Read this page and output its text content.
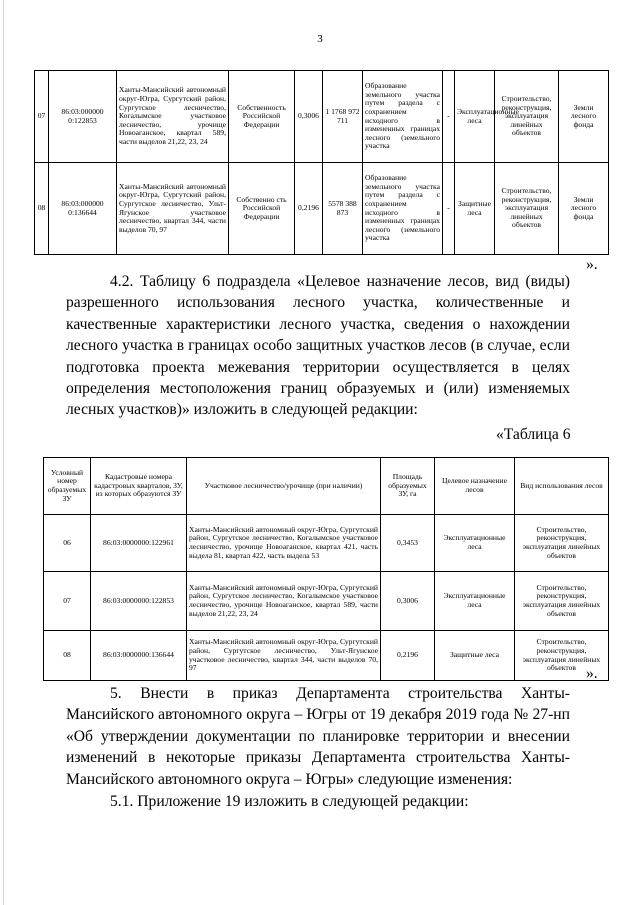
3
07	86:03:000000 0:122853	Ханты-Мансийский автономный округ-Югра, Сургутский район, Сургутское лесничество, Когалымское участковое лесничество, урочище Новоаганское, квартал 589, части выделов 21,22, 23, 24	Собственность Российской Федерации	0,3006	1 1768 972 711	Образование земельного участка путем раздела с сохранением исходного в измененных границах лесного (земельного участка	-	Эксплуатационные леса	Строительство, реконструкция, эксплуатация линейных объектов	Земли лесного фонда
08	86:03:000000 0:136644	Ханты-Мансийский автономный округ-Югра, Сургутский район, Сургутское лесничество, Ульт-Ягунское участковое лесничество, квартал 344, части выделов 70, 97	Собственно сть Российской Федерации	0,2196	5578 388 873	Образование земельного участка путем раздела с сохранением исходного в измененных границах лесного (земельного участка	-	Защитные леса	Строительство, реконструкция, эксплуатация линейных объектов	Земли лесного фонда
».

4.2. Таблицу 6 подраздела «Целевое назначение лесов, вид (виды) разрешенного использования лесного участка, количественные и качественные характеристики лесного участка, сведения о нахождении лесного участка в границах особо защитных участков лесов (в случае, если подготовка проекта межевания территории осуществляется в целях определения местоположения границ образуемых и (или) изменяемых лесных участков)» изложить в следующей редакции:

«Таблица 6
Условный номер образуемых ЗУ	Кадастровые номера кадастровых кварталов, ЗУ, из которых образуются ЗУ	Участковое лесничество/урочище (при наличии)	Площадь образуемых ЗУ, га	Целевое назначение лесов	Вид использования лесов
06	86:03:0000000:122961	Ханты-Мансийский автономный округ-Югра, Сургутский район, Сургутское лесничество, Когалымское участковое лесничество, урочище Новоаганское, квартал 421, часть выдела 81, квартал 422, часть выдела 53	0,3453	Эксплуатационные леса	Строительство, реконструкция, эксплуатация линейных объектов
07	86:03:0000000:122853	Ханты-Мансийский автономный округ-Югра, Сургутский район, Сургутское лесничество, Когалымское участковое лесничество, урочище Новоаганское, квартал 589, части выделов 21,22, 23, 24	0,3006	Эксплуатационные леса	Строительство, реконструкция, эксплуатация линейных объектов
08	86:03:0000000:136644	Ханты-Мансийский автономный округ-Югра, Сургутский район, Сургутское лесничество, Ульт-Ягунское участковое лесничество, квартал 344, части выделов 70, 97	0,2196	Защитные леса	Строительство, реконструкция, эксплуатация линейных объектов ».

5. Внести в приказ Департамента строительства Ханты-Мансийского автономного округа – Югры от 19 декабря 2019 года № 27-нп «Об утверждении документации по планировке территории и внесении изменений в некоторые приказы Департамента строительства Ханты-Мансийского автономного округа – Югры» следующие изменения:

5.1. Приложение 19 изложить в следующей редакции:
